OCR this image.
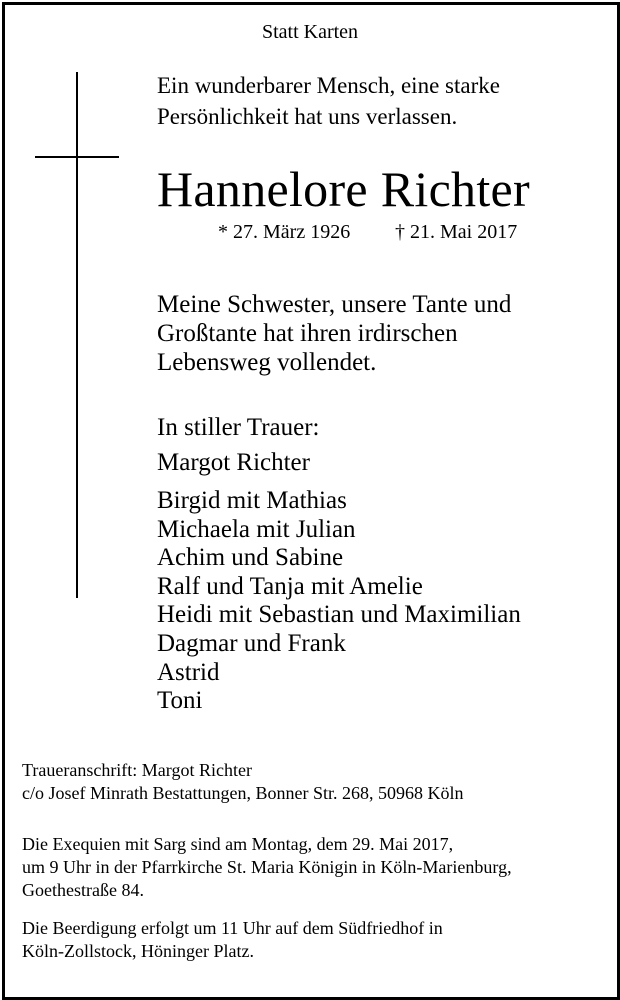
Statt Karten
Ein wunderbarer Mensch, eine starke
Persönlichkeit hat uns verlassen.
Hannelore Richter
* 27. März 1926 † 21. Mai 2017
Meine Schwester, unsere Tante und
Großtante hat ihren irdirschen
Lebensweg vollendet.
In stiller Trauer:
Margot Richter
Birgid mit Mathias
Michaela mit Julian
Achim und Sabine
Ralf und Tanja mit Amelie
Heidi mit Sebastian und Maximilian
Dagmar und Frank
Astrid
Toni
Traueranschrift: Margot Richter
c/o Josef Minrath Bestattungen, Bonner Str. 268, 50968 Köln
Die Exequien mit Sarg sind am Montag, dem 29. Mai 2017,
um 9 Uhr in der Pfarrkirche St. Maria Königin in Köln-Marienburg,
Goethestraße 84.
Die Beerdigung erfolgt um 11 Uhr auf dem Südfriedhof in
Köln-Zollstock, Höninger Platz.
